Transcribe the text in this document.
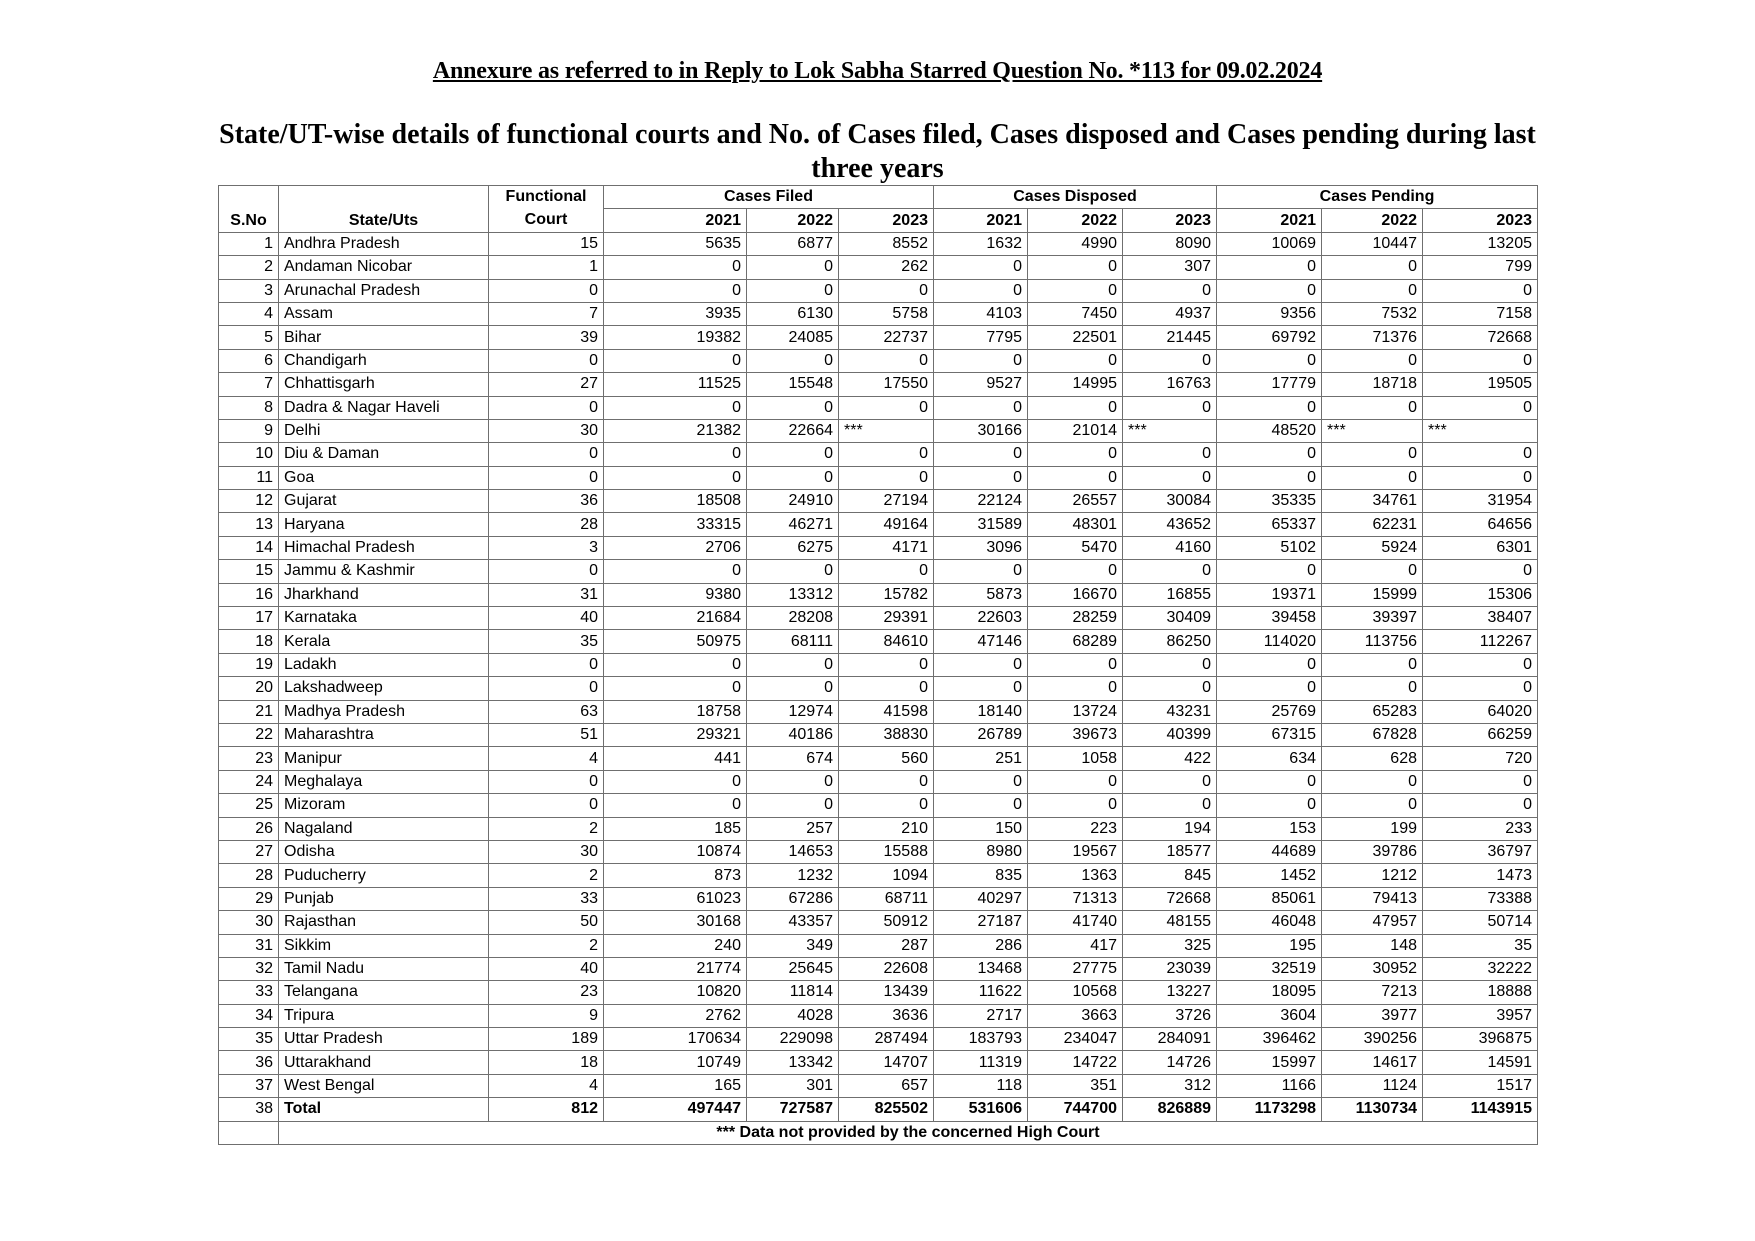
Annexure as referred to in Reply to Lok Sabha Starred Question No. *113 for 09.02.2024
State/UT-wise details of functional courts and No. of Cases filed, Cases disposed and Cases pending during last three years
S.No	State/Uts	Functional	Cases Filed			Cases Disposed			Cases Pending		
		Court	2021	2022	2023	2021	2022	2023	2021	2022	2023
1	Andhra Pradesh	15	5635	6877	8552	1632	4990	8090	10069	10447	13205
2	Andaman Nicobar	1	0	0	262	0	0	307	0	0	799
3	Arunachal Pradesh	0	0	0	0	0	0	0	0	0	0
4	Assam	7	3935	6130	5758	4103	7450	4937	9356	7532	7158
5	Bihar	39	19382	24085	22737	7795	22501	21445	69792	71376	72668
6	Chandigarh	0	0	0	0	0	0	0	0	0	0
7	Chhattisgarh	27	11525	15548	17550	9527	14995	16763	17779	18718	19505
8	Dadra & Nagar Haveli	0	0	0	0	0	0	0	0	0	0
9	Delhi	30	21382	22664	***	30166	21014	***	48520	***	***
10	Diu & Daman	0	0	0	0	0	0	0	0	0	0
11	Goa	0	0	0	0	0	0	0	0	0	0
12	Gujarat	36	18508	24910	27194	22124	26557	30084	35335	34761	31954
13	Haryana	28	33315	46271	49164	31589	48301	43652	65337	62231	64656
14	Himachal Pradesh	3	2706	6275	4171	3096	5470	4160	5102	5924	6301
15	Jammu & Kashmir	0	0	0	0	0	0	0	0	0	0
16	Jharkhand	31	9380	13312	15782	5873	16670	16855	19371	15999	15306
17	Karnataka	40	21684	28208	29391	22603	28259	30409	39458	39397	38407
18	Kerala	35	50975	68111	84610	47146	68289	86250	114020	113756	112267
19	Ladakh	0	0	0	0	0	0	0	0	0	0
20	Lakshadweep	0	0	0	0	0	0	0	0	0	0
21	Madhya Pradesh	63	18758	12974	41598	18140	13724	43231	25769	65283	64020
22	Maharashtra	51	29321	40186	38830	26789	39673	40399	67315	67828	66259
23	Manipur	4	441	674	560	251	1058	422	634	628	720
24	Meghalaya	0	0	0	0	0	0	0	0	0	0
25	Mizoram	0	0	0	0	0	0	0	0	0	0
26	Nagaland	2	185	257	210	150	223	194	153	199	233
27	Odisha	30	10874	14653	15588	8980	19567	18577	44689	39786	36797
28	Puducherry	2	873	1232	1094	835	1363	845	1452	1212	1473
29	Punjab	33	61023	67286	68711	40297	71313	72668	85061	79413	73388
30	Rajasthan	50	30168	43357	50912	27187	41740	48155	46048	47957	50714
31	Sikkim	2	240	349	287	286	417	325	195	148	35
32	Tamil Nadu	40	21774	25645	22608	13468	27775	23039	32519	30952	32222
33	Telangana	23	10820	11814	13439	11622	10568	13227	18095	7213	18888
34	Tripura	9	2762	4028	3636	2717	3663	3726	3604	3977	3957
35	Uttar Pradesh	189	170634	229098	287494	183793	234047	284091	396462	390256	396875
36	Uttarakhand	18	10749	13342	14707	11319	14722	14726	15997	14617	14591
37	West Bengal	4	165	301	657	118	351	312	1166	1124	1517
38	Total	812	497447	727587	825502	531606	744700	826889	1173298	1130734	1143915
	*** Data not provided by the concerned High Court										
